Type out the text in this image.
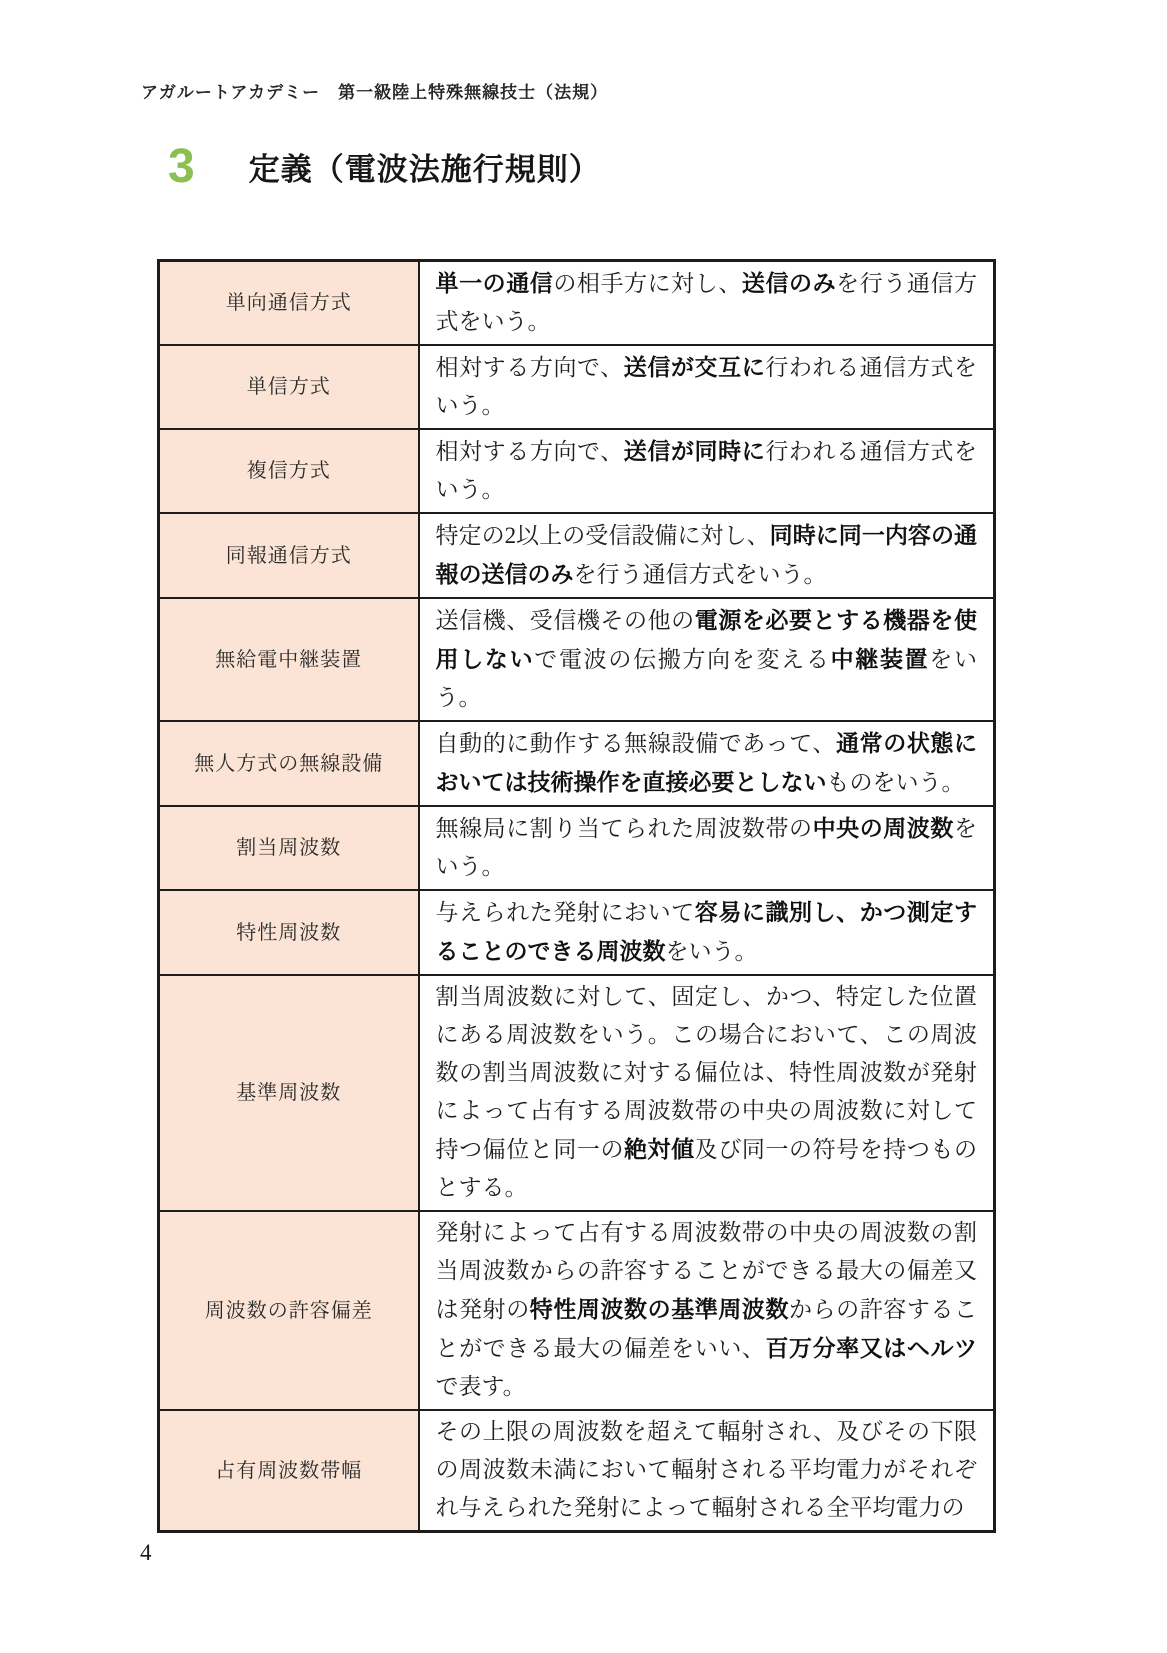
アガルートアカデミー　第一級陸上特殊無線技士（法規）
3 定義（電波法施行規則）
単向通信方式	単一の通信の相手方に対し、送信のみを行う通信方式をいう。
単信方式	相対する方向で、送信が交互に行われる通信方式をいう。
複信方式	相対する方向で、送信が同時に行われる通信方式をいう。
同報通信方式	特定の2以上の受信設備に対し、同時に同一内容の通報の送信のみを行う通信方式をいう。
無給電中継装置	送信機、受信機その他の電源を必要とする機器を使用しないで電波の伝搬方向を変える中継装置をいう。
無人方式の無線設備	自動的に動作する無線設備であって、通常の状態においては技術操作を直接必要としないものをいう。
割当周波数	無線局に割り当てられた周波数帯の中央の周波数をいう。
特性周波数	与えられた発射において容易に識別し、かつ測定することのできる周波数をいう。
基準周波数	割当周波数に対して、固定し、かつ、特定した位置にある周波数をいう。この場合において、この周波数の割当周波数に対する偏位は、特性周波数が発射によって占有する周波数帯の中央の周波数に対して持つ偏位と同一の絶対値及び同一の符号を持つものとする。
周波数の許容偏差	発射によって占有する周波数帯の中央の周波数の割当周波数からの許容することができる最大の偏差又は発射の特性周波数の基準周波数からの許容することができる最大の偏差をいい、百万分率又はヘルツで表す。
占有周波数帯幅	その上限の周波数を超えて輻射され、及びその下限の周波数未満において輻射される平均電力がそれぞれ与えられた発射によって輻射される全平均電力の
4
